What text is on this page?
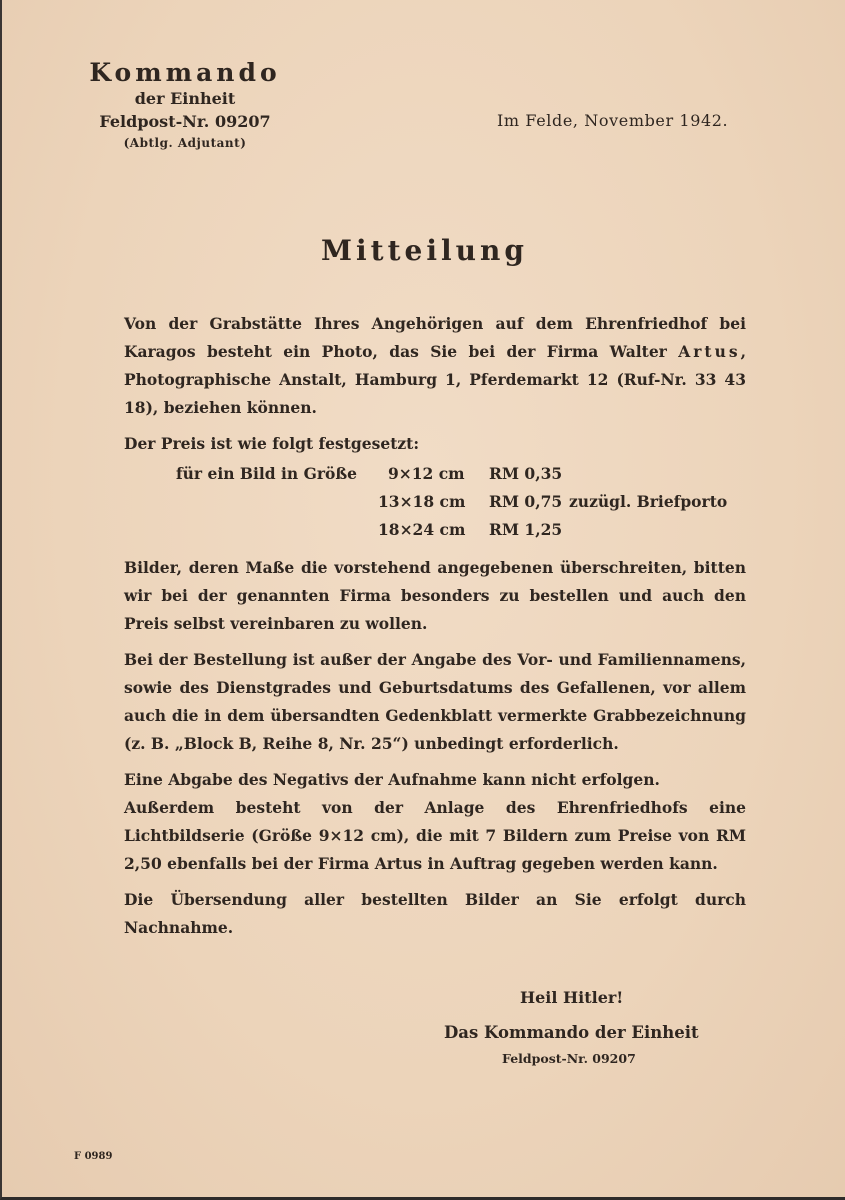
Kommando
der Einheit
Feldpost-Nr. 09207
(Abtlg. Adjutant)
Im Felde, November 1942.
Mitteilung

Von der Grabstätte Ihres Angehörigen auf dem Ehrenfriedhof bei Karagos besteht ein Photo, das Sie bei der Firma Walter Artus, Photographische Anstalt, Hamburg 1, Pferdemarkt 12 (Ruf-Nr. 33 43 18), beziehen können.

Der Preis ist wie folgt festgesetzt:

für ein Bild in Größe 9×12 cm RM 0,35
13×18 cm RM 0,75 zuzügl. Briefporto
18×24 cm RM 1,25

Bilder, deren Maße die vorstehend angegebenen überschreiten, bitten wir bei der genannten Firma besonders zu bestellen und auch den Preis selbst vereinbaren zu wollen.

Bei der Bestellung ist außer der Angabe des Vor- und Familiennamens, sowie des Dienstgrades und Geburtsdatums des Gefallenen, vor allem auch die in dem übersandten Gedenkblatt vermerkte Grabbezeichnung (z. B. „Block B, Reihe 8, Nr. 25“) unbedingt erforderlich.

Eine Abgabe des Negativs der Aufnahme kann nicht erfolgen.

Außerdem besteht von der Anlage des Ehrenfriedhofs eine Lichtbildserie (Größe 9×12 cm), die mit 7 Bildern zum Preise von RM 2,50 ebenfalls bei der Firma Artus in Auftrag gegeben werden kann.

Die Übersendung aller bestellten Bilder an Sie erfolgt durch Nachnahme.

Heil Hitler!
Das Kommando der Einheit
Feldpost-Nr. 09207
F 0989
